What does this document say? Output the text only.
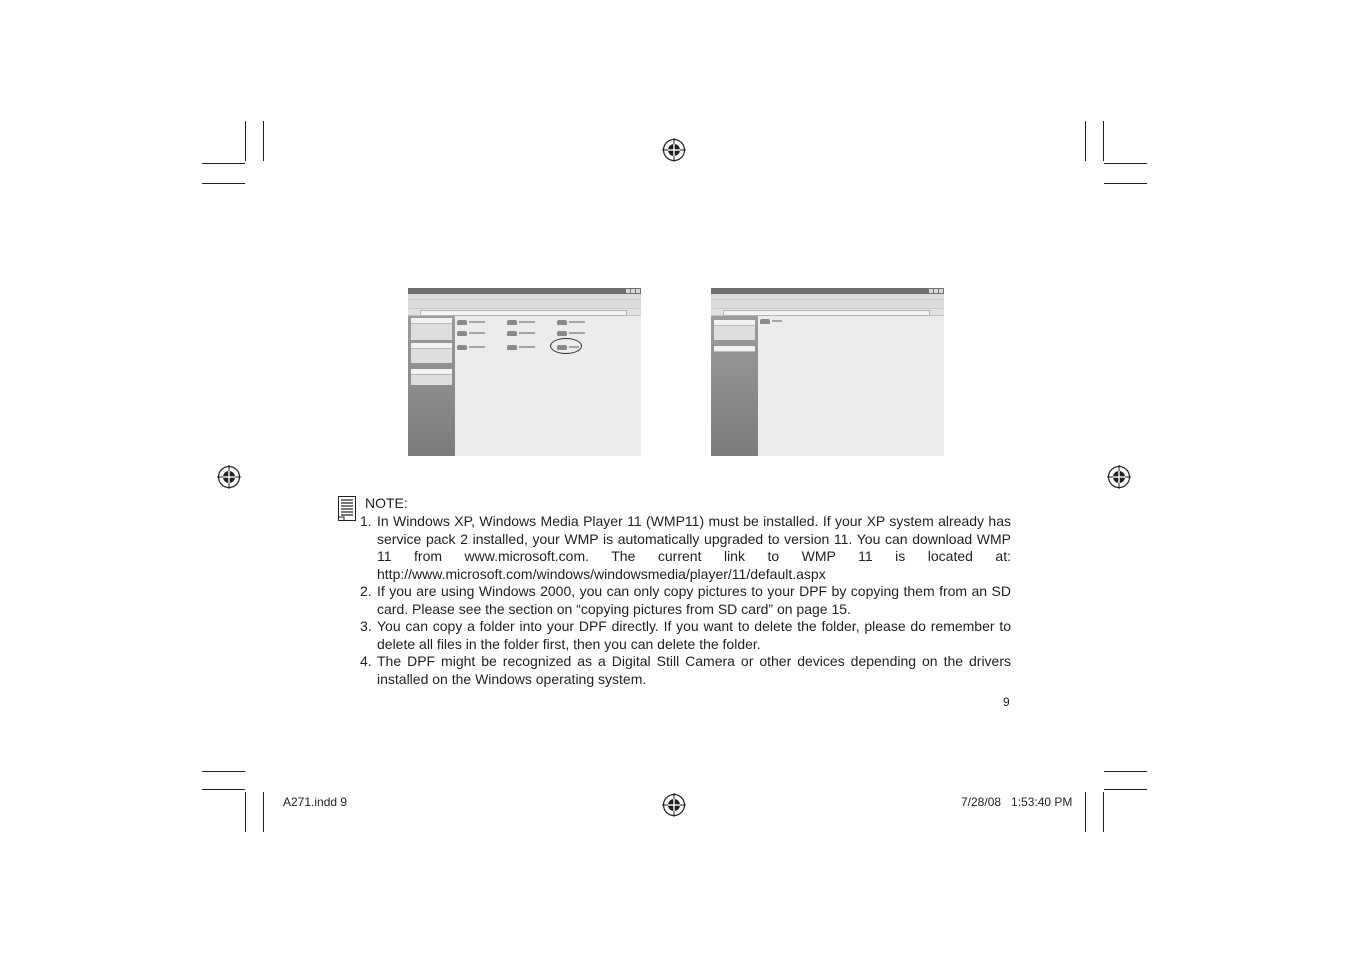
NOTE:
1. In Windows XP, Windows Media Player 11 (WMP11) must be installed. If your XP system already has service pack 2 installed, your WMP is automatically upgraded to version 11. You can download WMP 11 from www.microsoft.com. The current link to WMP 11 is located at: http://www.microsoft.com/windows/windowsmedia/player/11/default.aspx
2. If you are using Windows 2000, you can only copy pictures to your DPF by copying them from an SD card. Please see the section on “copying pictures from SD card” on page 15.
3. You can copy a folder into your DPF directly. If you want to delete the folder, please do remember to delete all files in the folder first, then you can delete the folder.
4. The DPF might be recognized as a Digital Still Camera or other devices depending on the drivers installed on the Windows operating system.
9
A271.indd 9	7/28/08   1:53:40 PM
